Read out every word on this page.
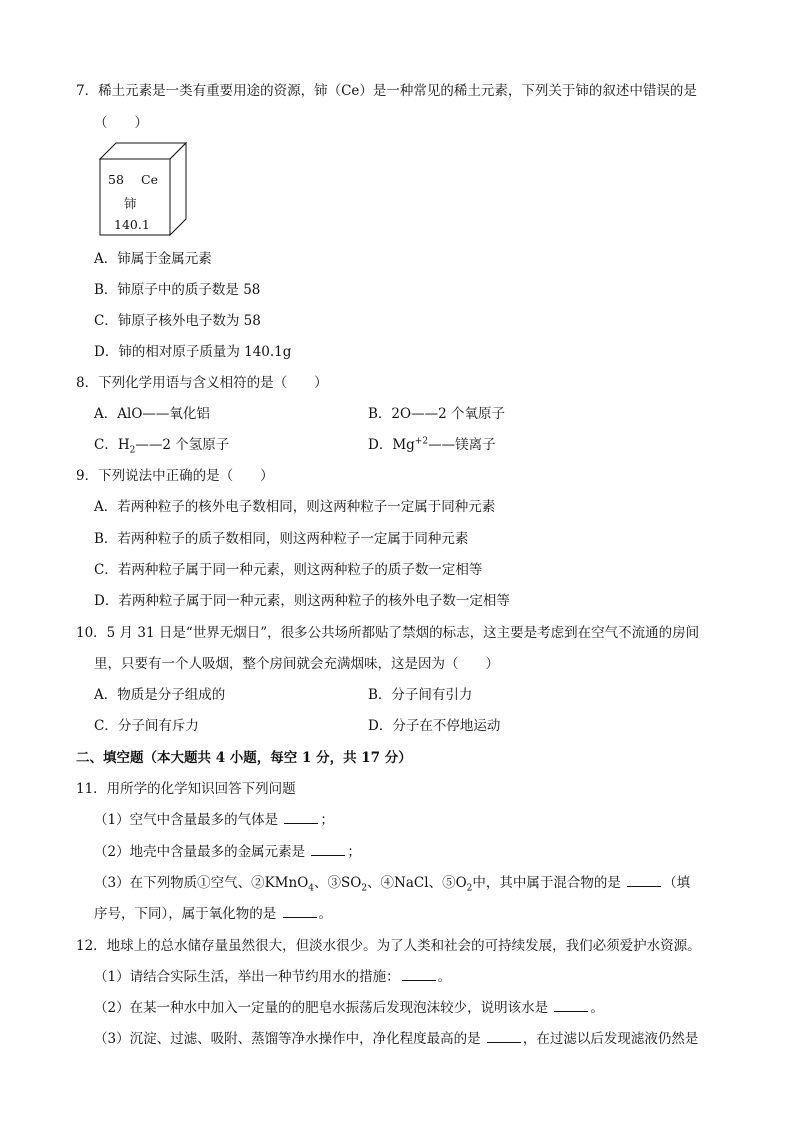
7．稀土元素是一类有重要用途的资源，铈（Ce）是一种常见的稀土元素，下列关于铈的叙述中错误的是
（　　）
58 Ce
铈
140.1
A．铈属于金属元素
B．铈原子中的质子数是 58
C．铈原子核外电子数为 58
D．铈的相对原子质量为 140.1g
8．下列化学用语与含义相符的是（　　）
A．AlO——氧化铝	B．2O——2 个氧原子
C．$H_2——2$ 个氢原子	D．$Mg^{+2}——$镁离子
9．下列说法中正确的是（　　）
A．若两种粒子的核外电子数相同，则这两种粒子一定属于同种元素
B．若两种粒子的质子数相同，则这两种粒子一定属于同种元素
C．若两种粒子属于同一种元素，则这两种粒子的质子数一定相等
D．若两种粒子属于同一种元素，则这两种粒子的核外电子数一定相等
10．5 月 31 日是“世界无烟日”，很多公共场所都贴了禁烟的标志，这主要是考虑到在空气不流通的房间
里，只要有一个人吸烟，整个房间就会充满烟味，这是因为（　　）
A．物质是分子组成的	B．分子间有引力
C．分子间有斥力	D．分子在不停地运动
二、填空题（本大题共 4 小题，每空 1 分，共 17 分）
11．用所学的化学知识回答下列问题
（1）空气中含量最多的气体是	；
（2）地壳中含量最多的金属元素是	；
（3）在下列物质①空气、②KMnO$_4$、$③SO_2$、④NaCl、$⑤O_2$中，其中属于混合物的是	（填
序号，下同），属于氧化物的是	。
12．地球上的总水储存量虽然很大，但淡水很少。为了人类和社会的可持续发展，我们必须爱护水资源。
（1）请结合实际生活，举出一种节约用水的措施：	。
（2）在某一种水中加入一定量的的肥皂水振荡后发现泡沫较少，说明该水是	。
（3）沉淀、过滤、吸附、蒸馏等净水操作中，净化程度最高的是	，在过滤以后发现滤液仍然是
